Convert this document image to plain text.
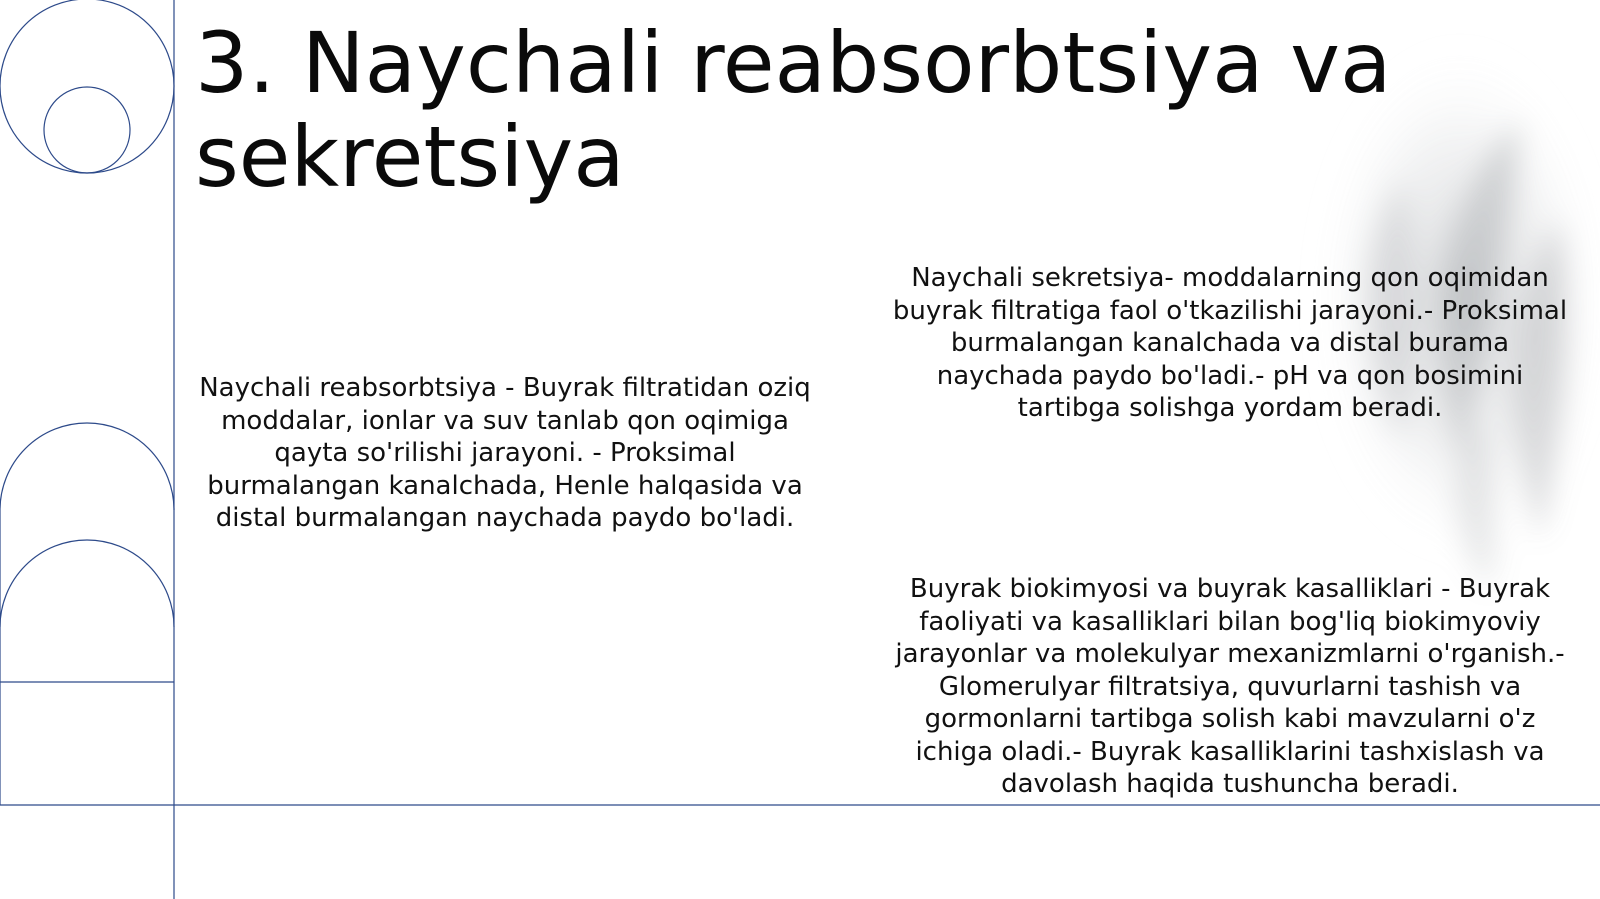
3. Naychali reabsorbtsiya va sekretsiya

Naychali reabsorbtsiya - Buyrak filtratidan oziq moddalar, ionlar va suv tanlab qon oqimiga qayta so'rilishi jarayoni. - Proksimal burmalangan kanalchada, Henle halqasida va distal burmalangan naychada paydo bo'ladi.

Naychali sekretsiya- moddalarning qon oqimidan buyrak filtratiga faol o'tkazilishi jarayoni.- Proksimal burmalangan kanalchada va distal burama naychada paydo bo'ladi.- pH va qon bosimini tartibga solishga yordam beradi.

Buyrak biokimyosi va buyrak kasalliklari - Buyrak faoliyati va kasalliklari bilan bog'liq biokimyoviy jarayonlar va molekulyar mexanizmlarni o'rganish.- Glomerulyar filtratsiya, quvurlarni tashish va gormonlarni tartibga solish kabi mavzularni o'z ichiga oladi.- Buyrak kasalliklarini tashxislash va davolash haqida tushuncha beradi.
